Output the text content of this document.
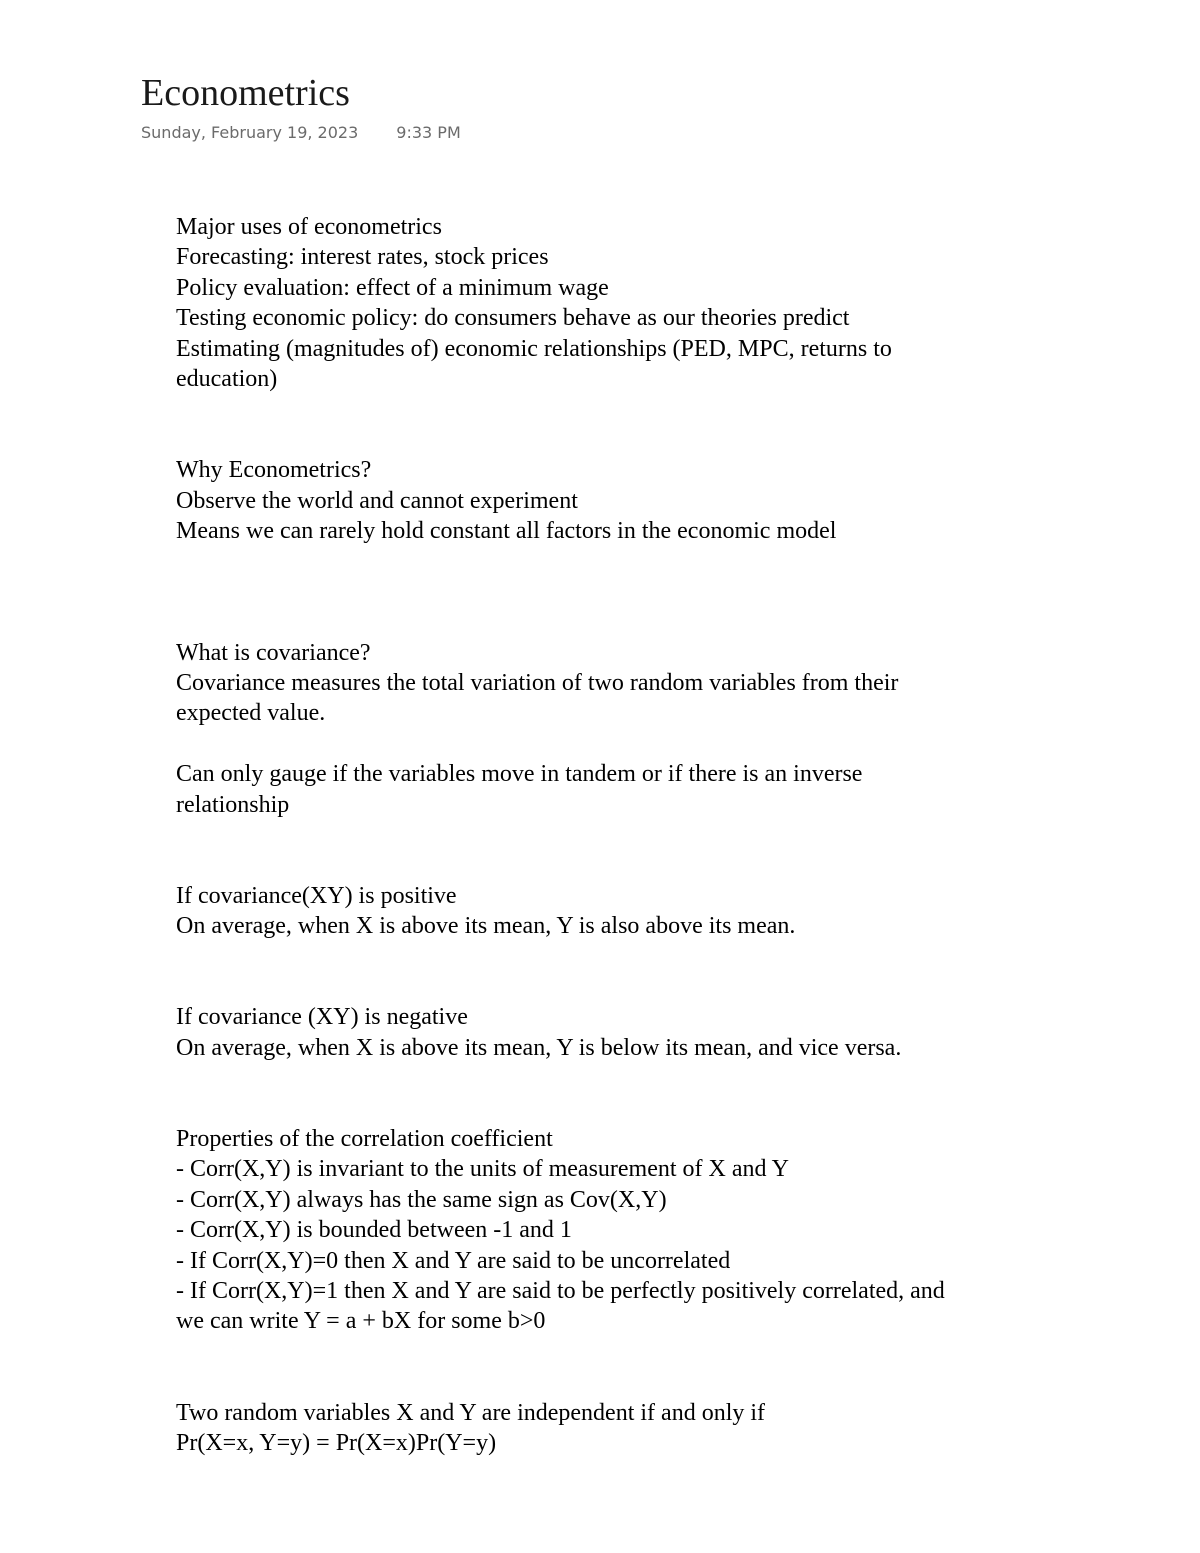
Econometrics
Sunday, February 19, 2023 9:33 PM
Major uses of econometrics
Forecasting: interest rates, stock prices
Policy evaluation: effect of a minimum wage
Testing economic policy: do consumers behave as our theories predict
Estimating (magnitudes of) economic relationships (PED, MPC, returns to
education)
Why Econometrics?
Observe the world and cannot experiment
Means we can rarely hold constant all factors in the economic model
What is covariance?
Covariance measures the total variation of two random variables from their
expected value.
Can only gauge if the variables move in tandem or if there is an inverse
relationship
If covariance(XY) is positive
On average, when X is above its mean, Y is also above its mean.
If covariance (XY) is negative
On average, when X is above its mean, Y is below its mean, and vice versa.
Properties of the correlation coefficient
- Corr(X,Y) is invariant to the units of measurement of X and Y
- Corr(X,Y) always has the same sign as Cov(X,Y)
- Corr(X,Y) is bounded between -1 and 1
- If Corr(X,Y)=0 then X and Y are said to be uncorrelated
- If Corr(X,Y)=1 then X and Y are said to be perfectly positively correlated, and
we can write Y = a + bX for some b>0
Two random variables X and Y are independent if and only if
Pr(X=x, Y=y) = Pr(X=x)Pr(Y=y)
